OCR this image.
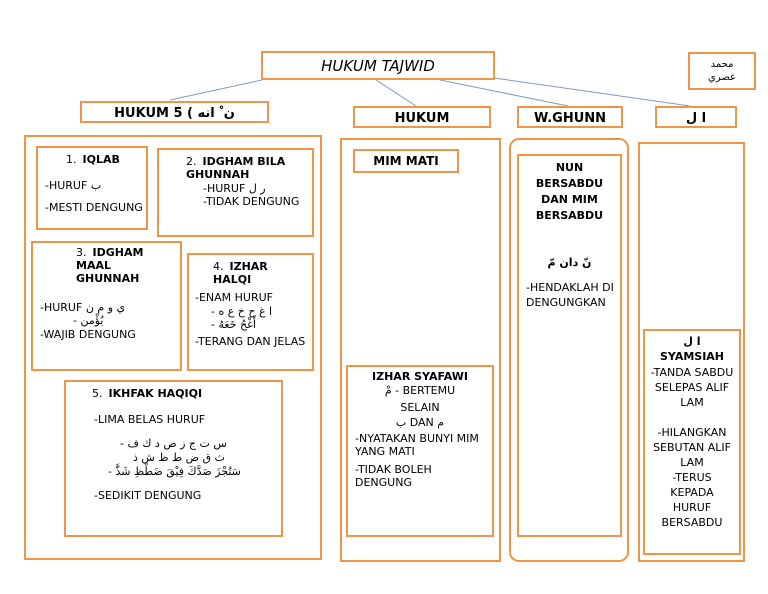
HUKUM TAJWID	محمد عصري
HUKUM 5 ( ن ْ انه	HUKUM	W.GHUNN	ا ل
1. IQLAB
-HURUF ب
-MESTI DENGUNG
2. IDGHAM BILA GHUNNAH
-HURUF ر ل
-TIDAK DENGUNG
3. IDGHAM MAAL GHUNNAH
-HURUF ي و م ن
يُؤْمن -
-WAJIB DENGUNG
4. IZHAR HALQI
-ENAM HURUF
ا غ ح خ ع ه -
أَغْحُ خَعَهُ -
-TERANG DAN JELAS
5. IKHFAK HAQIQI
-LIMA BELAS HURUF
س ت ج ز ص د ك ف -
ث ق ض ط ظ ش ذ
سَتُجْزَ صَدَّكَ فِيْقَ ضَطْظِ شَذَّ -
-SEDIKIT DENGUNG
MIM MATI
IZHAR SYAFAWI
مْ - BERTEMU
SELAIN
ب DAN م
-NYATAKAN BUNYI MIM YANG MATI
-TIDAK BOLEH DENGUNG
NUN BERSABDU DAN MIM BERSABDU
نّ دان مّ
-HENDAKLAH DI DENGUNGKAN
ا ل
SYAMSIAH
-TANDA SABDU SELEPAS ALIF LAM
-HILANGKAN SEBUTAN ALIF LAM
-TERUS KEPADA HURUF BERSABDU
